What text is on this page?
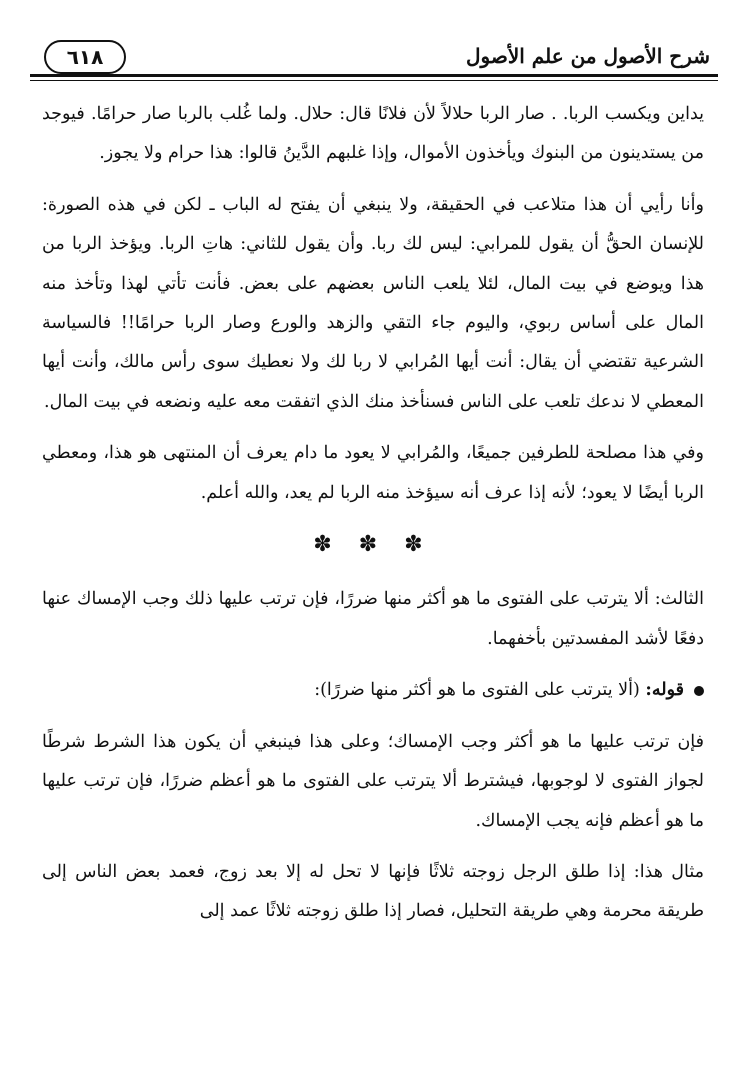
٦١٨	شرح الأصول من علم الأصول

يداين ويكسب الربا. . صار الربا حلالاً لأن فلانًا قال: حلال. ولما غُلب بالربا صار حرامًا. فيوجد من يستدينون من البنوك ويأخذون الأموال، وإذا غلبهم الدَّينُ قالوا: هذا حرام ولا يجوز.

وأنا رأيي أن هذا متلاعب في الحقيقة، ولا ينبغي أن يفتح له الباب ـ لكن في هذه الصورة: للإنسان الحقُّ أن يقول للمرابي: ليس لك ربا. وأن يقول للثاني: هاتِ الربا. ويؤخذ الربا من هذا ويوضع في بيت المال، لئلا يلعب الناس بعضهم على بعض. فأنت تأتي لهذا وتأخذ منه المال على أساس ربوي، واليوم جاء التقي والزهد والورع وصار الربا حرامًا!! فالسياسة الشرعية تقتضي أن يقال: أنت أيها المُرابي لا ربا لك ولا نعطيك سوى رأس مالك، وأنت أيها المعطي لا ندعك تلعب على الناس فسنأخذ منك الذي اتفقت معه عليه ونضعه في بيت المال.

وفي هذا مصلحة للطرفين جميعًا، والمُرابي لا يعود ما دام يعرف أن المنتهى هو هذا، ومعطي الربا أيضًا لا يعود؛ لأنه إذا عرف أنه سيؤخذ منه الربا لم يعد، والله أعلم.

✽ ✽ ✽

الثالث: ألا يترتب على الفتوى ما هو أكثر منها ضررًا، فإن ترتب عليها ذلك وجب الإمساك عنها دفعًا لأشد المفسدتين بأخفهما.

قوله: (ألا يترتب على الفتوى ما هو أكثر منها ضررًا):

فإن ترتب عليها ما هو أكثر وجب الإمساك؛ وعلى هذا فينبغي أن يكون هذا الشرط شرطًا لجواز الفتوى لا لوجوبها، فيشترط ألا يترتب على الفتوى ما هو أعظم ضررًا، فإن ترتب عليها ما هو أعظم فإنه يجب الإمساك.

مثال هذا: إذا طلق الرجل زوجته ثلاثًا فإنها لا تحل له إلا بعد زوج، فعمد بعض الناس إلى طريقة محرمة وهي طريقة التحليل، فصار إذا طلق زوجته ثلاثًا عمد إلى
